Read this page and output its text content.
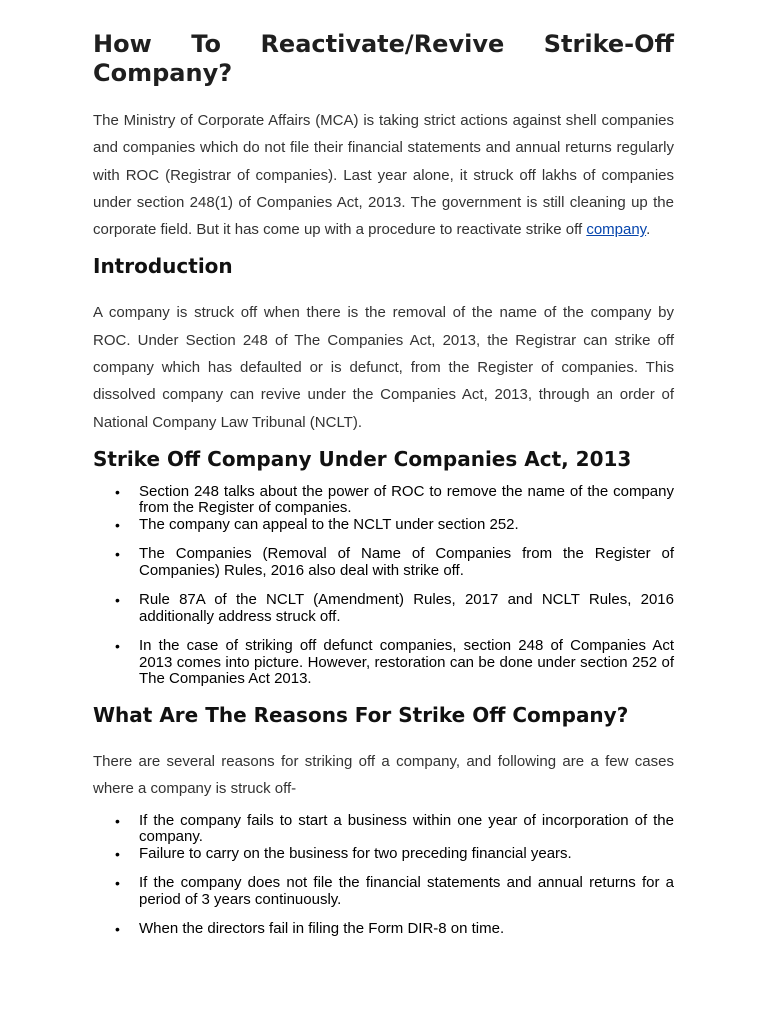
How To Reactivate/Revive Strike-Off
Company?

The Ministry of Corporate Affairs (MCA) is taking strict actions against shell companies and companies which do not file their financial statements and annual returns regularly with ROC (Registrar of companies). Last year alone, it struck off lakhs of companies under section 248(1) of Companies Act, 2013. The government is still cleaning up the corporate field. But it has come up with a procedure to reactivate strike off company.

Introduction

A company is struck off when there is the removal of the name of the company by ROC. Under Section 248 of The Companies Act, 2013, the Registrar can strike off company which has defaulted or is defunct, from the Register of companies. This dissolved company can revive under the Companies Act, 2013, through an order of National Company Law Tribunal (NCLT).

Strike Off Company Under Companies Act, 2013
• Section 248 talks about the power of ROC to remove the name of the company from the Register of companies.
• The company can appeal to the NCLT under section 252.
• The Companies (Removal of Name of Companies from the Register of Companies) Rules, 2016 also deal with strike off.
• Rule 87A of the NCLT (Amendment) Rules, 2017 and NCLT Rules, 2016 additionally address struck off.
• In the case of striking off defunct companies, section 248 of Companies Act 2013 comes into picture. However, restoration can be done under section 252 of The Companies Act 2013.
What Are The Reasons For Strike Off Company?

There are several reasons for striking off a company, and following are a few cases where a company is struck off-

• If the company fails to start a business within one year of incorporation of the company.
• Failure to carry on the business for two preceding financial years.
• If the company does not file the financial statements and annual returns for a period of 3 years continuously.
• When the directors fail in filing the Form DIR-8 on time.
